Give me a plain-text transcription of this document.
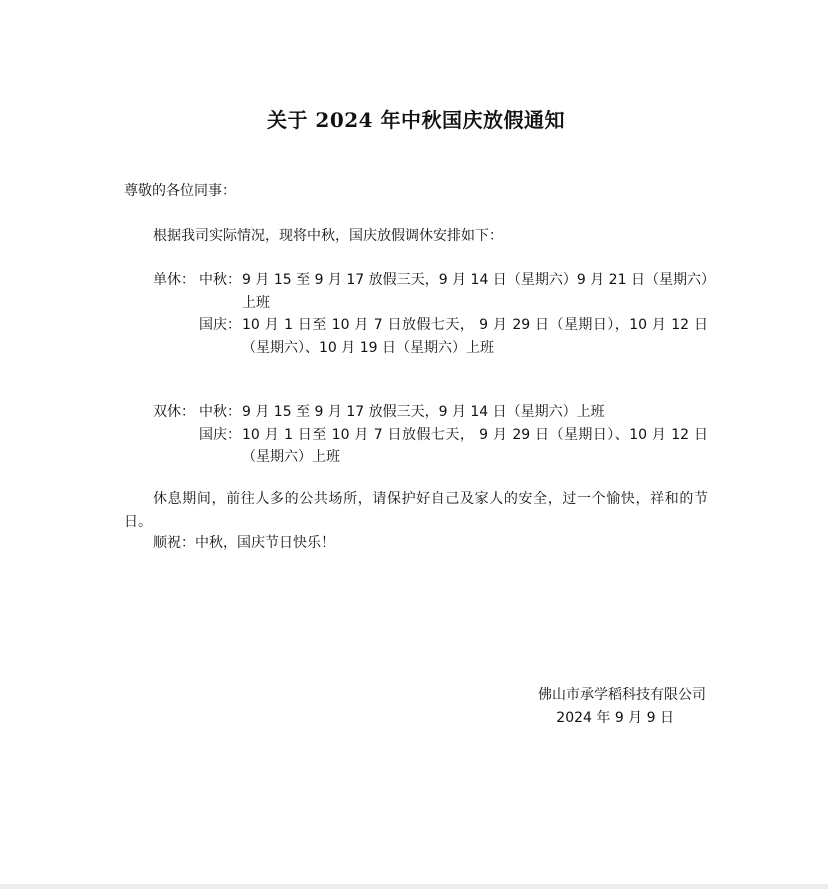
关于 2024 年中秋国庆放假通知
尊敬的各位同事：
根据我司实际情况，现将中秋，国庆放假调休安排如下：
单休： 中秋： 9 月 15 至 9 月 17 放假三天，9 月 14 日（星期六）9 月 21 日（星期六）上班
国庆： 10 月 1 日至 10 月 7 日放假七天， 9 月 29 日（星期日），10 月 12 日（星期六）、10 月 19 日（星期六）上班
双休： 中秋： 9 月 15 至 9 月 17 放假三天，9 月 14 日（星期六）上班
国庆： 10 月 1 日至 10 月 7 日放假七天， 9 月 29 日（星期日）、10 月 12 日（星期六）上班
休息期间，前往人多的公共场所，请保护好自己及家人的安全，过一个愉快，祥和的节日。
顺祝：中秋，国庆节日快乐！
佛山市承学稻科技有限公司
2024 年 9 月 9 日
